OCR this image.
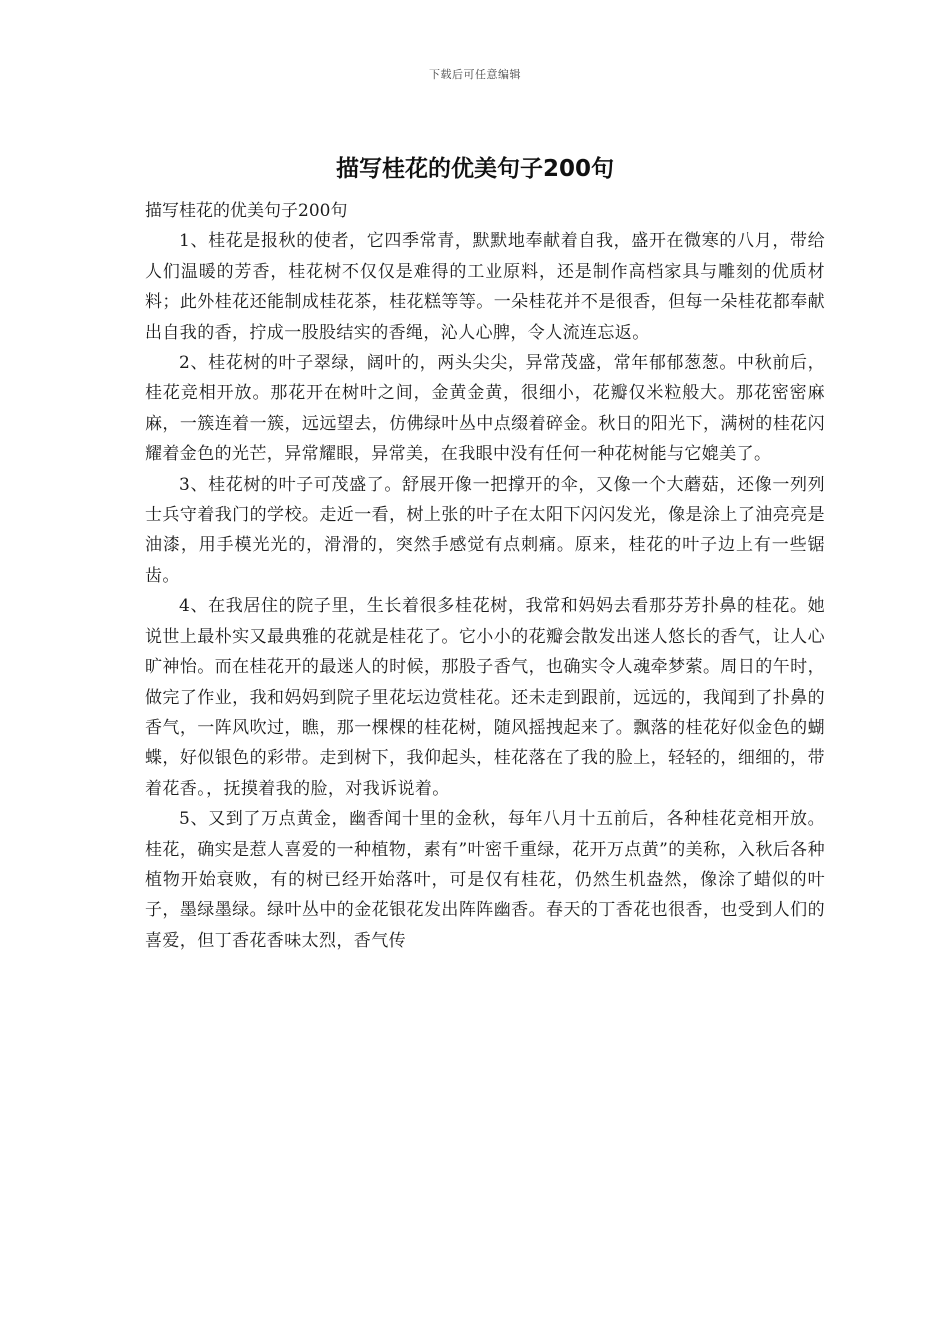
下载后可任意编辑
描写桂花的优美句子200句

描写桂花的优美句子200句

1、桂花是报秋的使者，它四季常青，默默地奉献着自我，盛开在微寒的八月，带给人们温暖的芳香，桂花树不仅仅是难得的工业原料，还是制作高档家具与雕刻的优质材料；此外桂花还能制成桂花茶，桂花糕等等。一朵桂花并不是很香，但每一朵桂花都奉献出自我的香，拧成一股股结实的香绳，沁人心脾，令人流连忘返。

2、桂花树的叶子翠绿，阔叶的，两头尖尖，异常茂盛，常年郁郁葱葱。中秋前后，桂花竞相开放。那花开在树叶之间，金黄金黄，很细小，花瓣仅米粒般大。那花密密麻麻，一簇连着一簇，远远望去，仿佛绿叶丛中点缀着碎金。秋日的阳光下，满树的桂花闪耀着金色的光芒，异常耀眼，异常美，在我眼中没有任何一种花树能与它媲美了。

3、桂花树的叶子可茂盛了。舒展开像一把撑开的伞，又像一个大蘑菇，还像一列列士兵守着我门的学校。走近一看，树上张的叶子在太阳下闪闪发光，像是涂上了油亮亮是油漆，用手模光光的，滑滑的，突然手感觉有点刺痛。原来，桂花的叶子边上有一些锯齿。

4、在我居住的院子里，生长着很多桂花树，我常和妈妈去看那芬芳扑鼻的桂花。她说世上最朴实又最典雅的花就是桂花了。它小小的花瓣会散发出迷人悠长的香气，让人心旷神怡。而在桂花开的最迷人的时候，那股子香气，也确实令人魂牵梦萦。周日的午时，做完了作业，我和妈妈到院子里花坛边赏桂花。还未走到跟前，远远的，我闻到了扑鼻的香气，一阵风吹过，瞧，那一棵棵的桂花树，随风摇拽起来了。飘落的桂花好似金色的蝴蝶，好似银色的彩带。走到树下，我仰起头，桂花落在了我的脸上，轻轻的，细细的，带着花香。，抚摸着我的脸，对我诉说着。

5、又到了万点黄金，幽香闻十里的金秋，每年八月十五前后，各种桂花竞相开放。桂花，确实是惹人喜爱的一种植物，素有”叶密千重绿，花开万点黄”的美称，入秋后各种植物开始衰败，有的树已经开始落叶，可是仅有桂花，仍然生机盎然，像涂了蜡似的叶子，墨绿墨绿。绿叶丛中的金花银花发出阵阵幽香。春天的丁香花也很香，也受到人们的喜爱，但丁香花香味太烈，香气传
